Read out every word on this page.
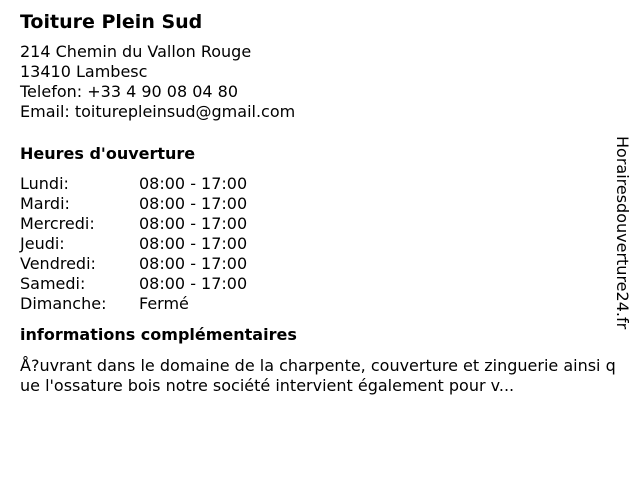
Toiture Plein Sud
214 Chemin du Vallon Rouge
13410 Lambesc
Telefon: +33 4 90 08 04 80
Email: toiturepleinsud@gmail.com
Heures d'ouverture
Lundi:	08:00 - 17:00
Mardi:	08:00 - 17:00
Mercredi:	08:00 - 17:00
Jeudi:	08:00 - 17:00
Vendredi:	08:00 - 17:00
Samedi:	08:00 - 17:00
Dimanche: Fermé
informations complémentaires
Å?uvrant dans le domaine de la charpente, couverture et zinguerie ainsi que l'ossature bois notre société intervient également pour v...
Horairesdouverture24.fr
